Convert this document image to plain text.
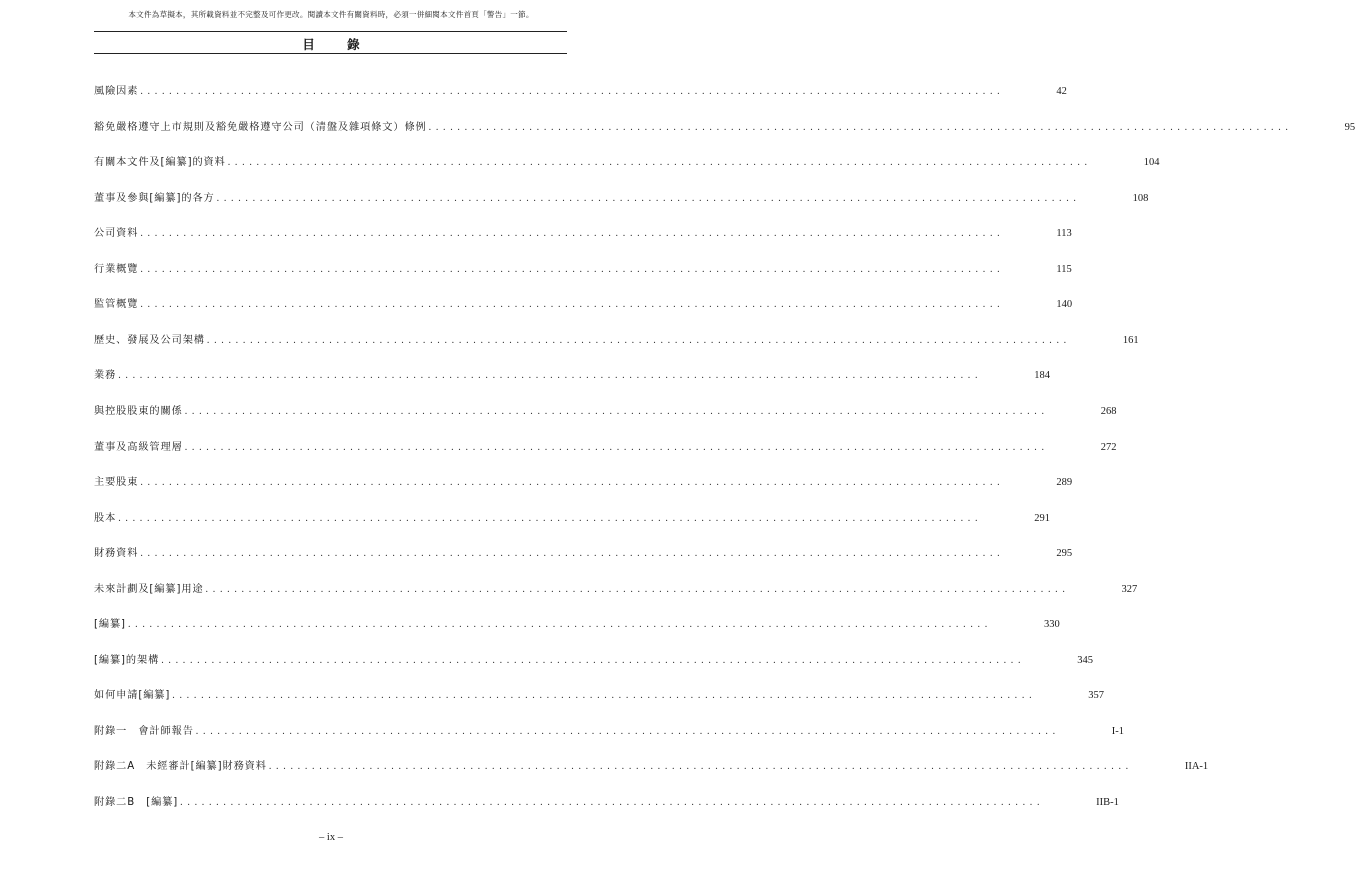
本文件為草擬本，其所載資料並不完整及可作更改。閱讀本文件有關資料時，必須一併細閱本文件首頁「警告」一節。
目 錄
風險因素 ........................................................................................................................	42
豁免嚴格遵守上市規則及豁免嚴格遵守公司（清盤及雜項條文）條例 ........................................................................................................................	95
有關本文件及[編纂]的資料 ........................................................................................................................	104
董事及參與[編纂]的各方 ........................................................................................................................	108
公司資料 ........................................................................................................................	113
行業概覽 ........................................................................................................................	115
監管概覽 ........................................................................................................................	140
歷史、發展及公司架構 ........................................................................................................................	161
業務 ........................................................................................................................	184
與控股股東的關係 ........................................................................................................................	268
董事及高級管理層 ........................................................................................................................	272
主要股東 ........................................................................................................................	289
股本 ........................................................................................................................	291
財務資料 ........................................................................................................................	295
未來計劃及[編纂]用途 ........................................................................................................................	327
[編纂] ........................................................................................................................	330
[編纂]的架構 ........................................................................................................................	345
如何申請[編纂] ........................................................................................................................	357
附錄一　會計師報告 ........................................................................................................................	I-1
附錄二A　未經審計[編纂]財務資料 ........................................................................................................................	IIA-1
附錄二B　[編纂] ........................................................................................................................	IIB-1
– ix –
